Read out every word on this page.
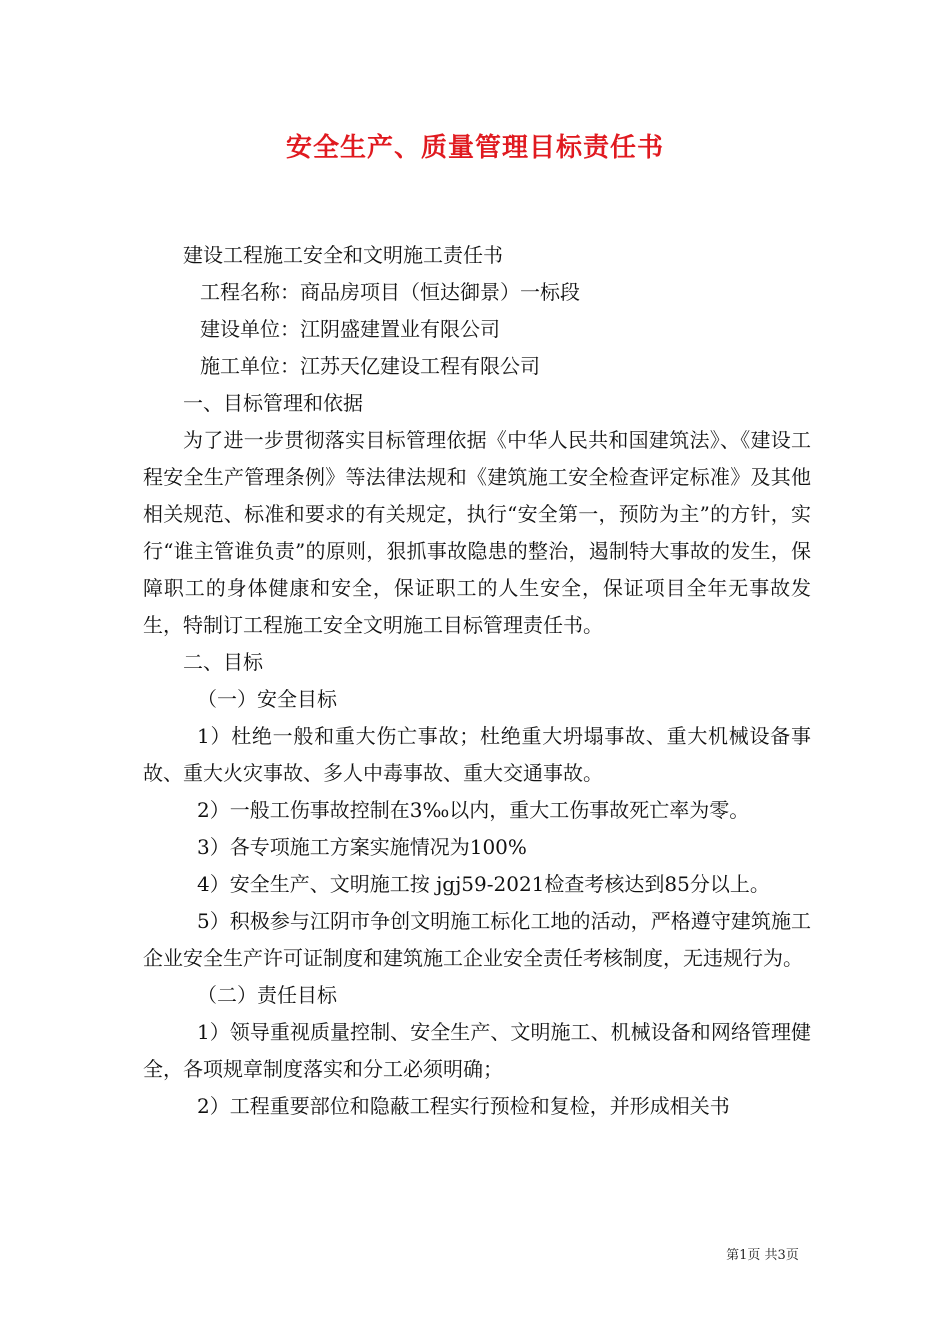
安全生产、质量管理目标责任书

建设工程施工安全和文明施工责任书

工程名称：商品房项目（恒达御景）一标段

建设单位：江阴盛建置业有限公司

施工单位：江苏天亿建设工程有限公司

一、目标管理和依据

为了进一步贯彻落实目标管理依据《中华人民共和国建筑法》、《建设工程安全生产管理条例》等法律法规和《建筑施工安全检查评定标准》及其他相关规范、标准和要求的有关规定，执行“安全第一，预防为主”的方针，实行“谁主管谁负责”的原则，狠抓事故隐患的整治，遏制特大事故的发生，保障职工的身体健康和安全，保证职工的人生安全，保证项目全年无事故发生，特制订工程施工安全文明施工目标管理责任书。

二、目标

（一）安全目标

1）杜绝一般和重大伤亡事故；杜绝重大坍塌事故、重大机械设备事故、重大火灾事故、多人中毒事故、重大交通事故。

2）一般工伤事故控制在3‰以内，重大工伤事故死亡率为零。

3）各专项施工方案实施情况为100%

4）安全生产、文明施工按 jgj59-2021检查考核达到85分以上。

5）积极参与江阴市争创文明施工标化工地的活动，严格遵守建筑施工企业安全生产许可证制度和建筑施工企业安全责任考核制度，无违规行为。

（二）责任目标

1）领导重视质量控制、安全生产、文明施工、机械设备和网络管理健全，各项规章制度落实和分工必须明确；

2）工程重要部位和隐蔽工程实行预检和复检，并形成相关书

第1页 共3页
